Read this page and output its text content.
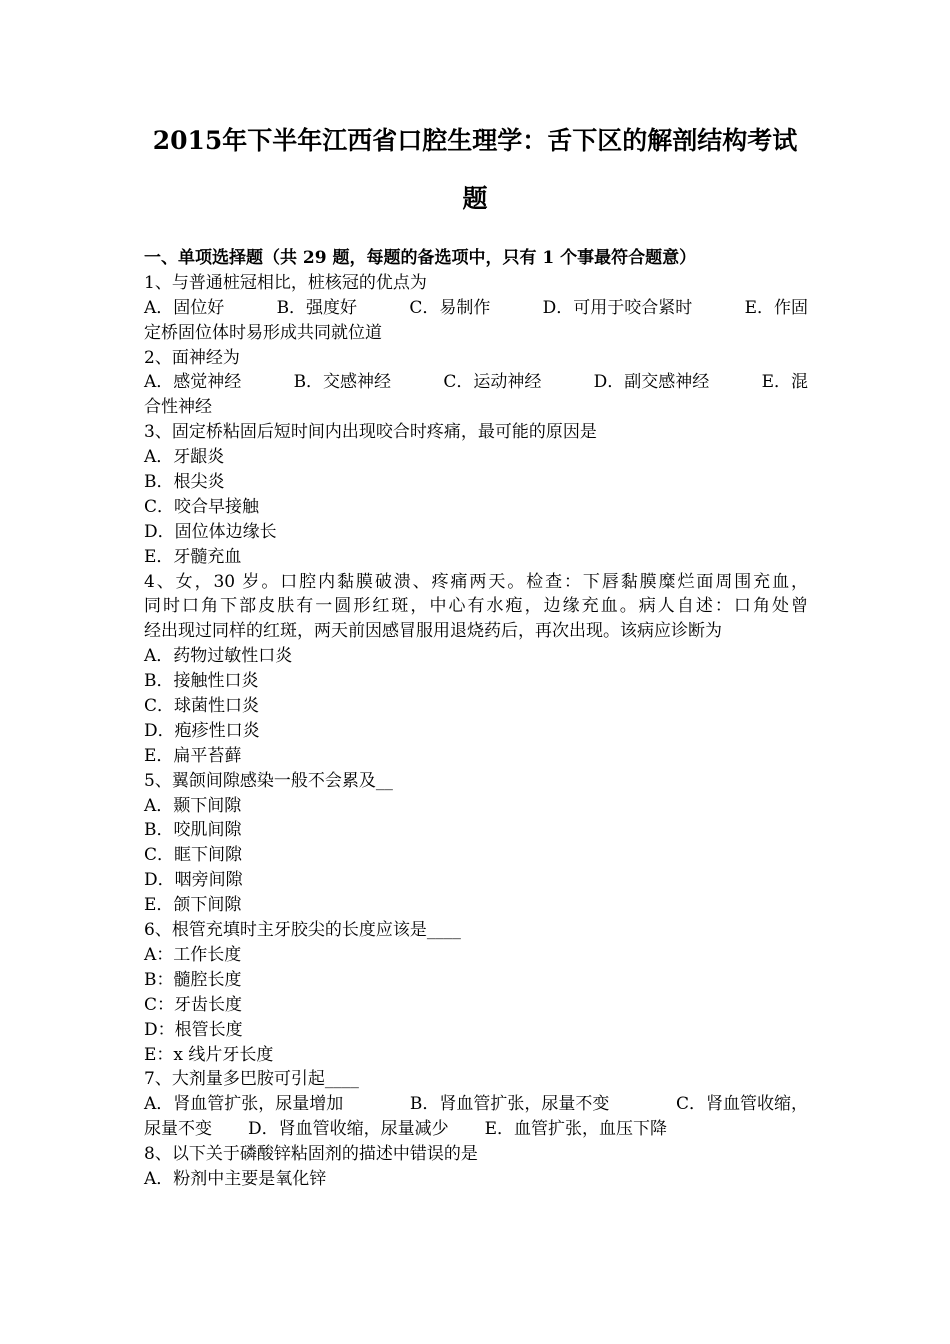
2015年下半年江西省口腔生理学：舌下区的解剖结构考试
题
一、单项选择题（共 29 题，每题的备选项中，只有 1 个事最符合题意）
1、与普通桩冠相比，桩核冠的优点为
A．固位好	B．强度好	C．易制作	D．可用于咬合紧时	E．作固
定桥固位体时易形成共同就位道
2、面神经为
A．感觉神经	B．交感神经	C．运动神经	D．副交感神经	E．混
合性神经
3、固定桥粘固后短时间内出现咬合时疼痛，最可能的原因是
A．牙龈炎
B．根尖炎
C．咬合早接触
D．固位体边缘长
E．牙髓充血
4、女，30 岁。口腔内黏膜破溃、疼痛两天。检查：下唇黏膜糜烂面周围充血，
同时口角下部皮肤有一圆形红斑，中心有水疱，边缘充血。病人自述：口角处曾
经出现过同样的红斑，两天前因感冒服用退烧药后，再次出现。该病应诊断为
A．药物过敏性口炎
B．接触性口炎
C．球菌性口炎
D．疱疹性口炎
E．扁平苔藓
5、翼颌间隙感染一般不会累及__
A．颞下间隙
B．咬肌间隙
C．眶下间隙
D．咽旁间隙
E．颌下间隙
6、根管充填时主牙胶尖的长度应该是____
A：工作长度
B：髓腔长度
C：牙齿长度
D：根管长度
E：x 线片牙长度
7、大剂量多巴胺可引起____
A．肾血管扩张，尿量增加	B．肾血管扩张，尿量不变	C．肾血管收缩，
尿量不变 D．肾血管收缩，尿量减少 E．血管扩张，血压下降
8、以下关于磷酸锌粘固剂的描述中错误的是
A．粉剂中主要是氧化锌
